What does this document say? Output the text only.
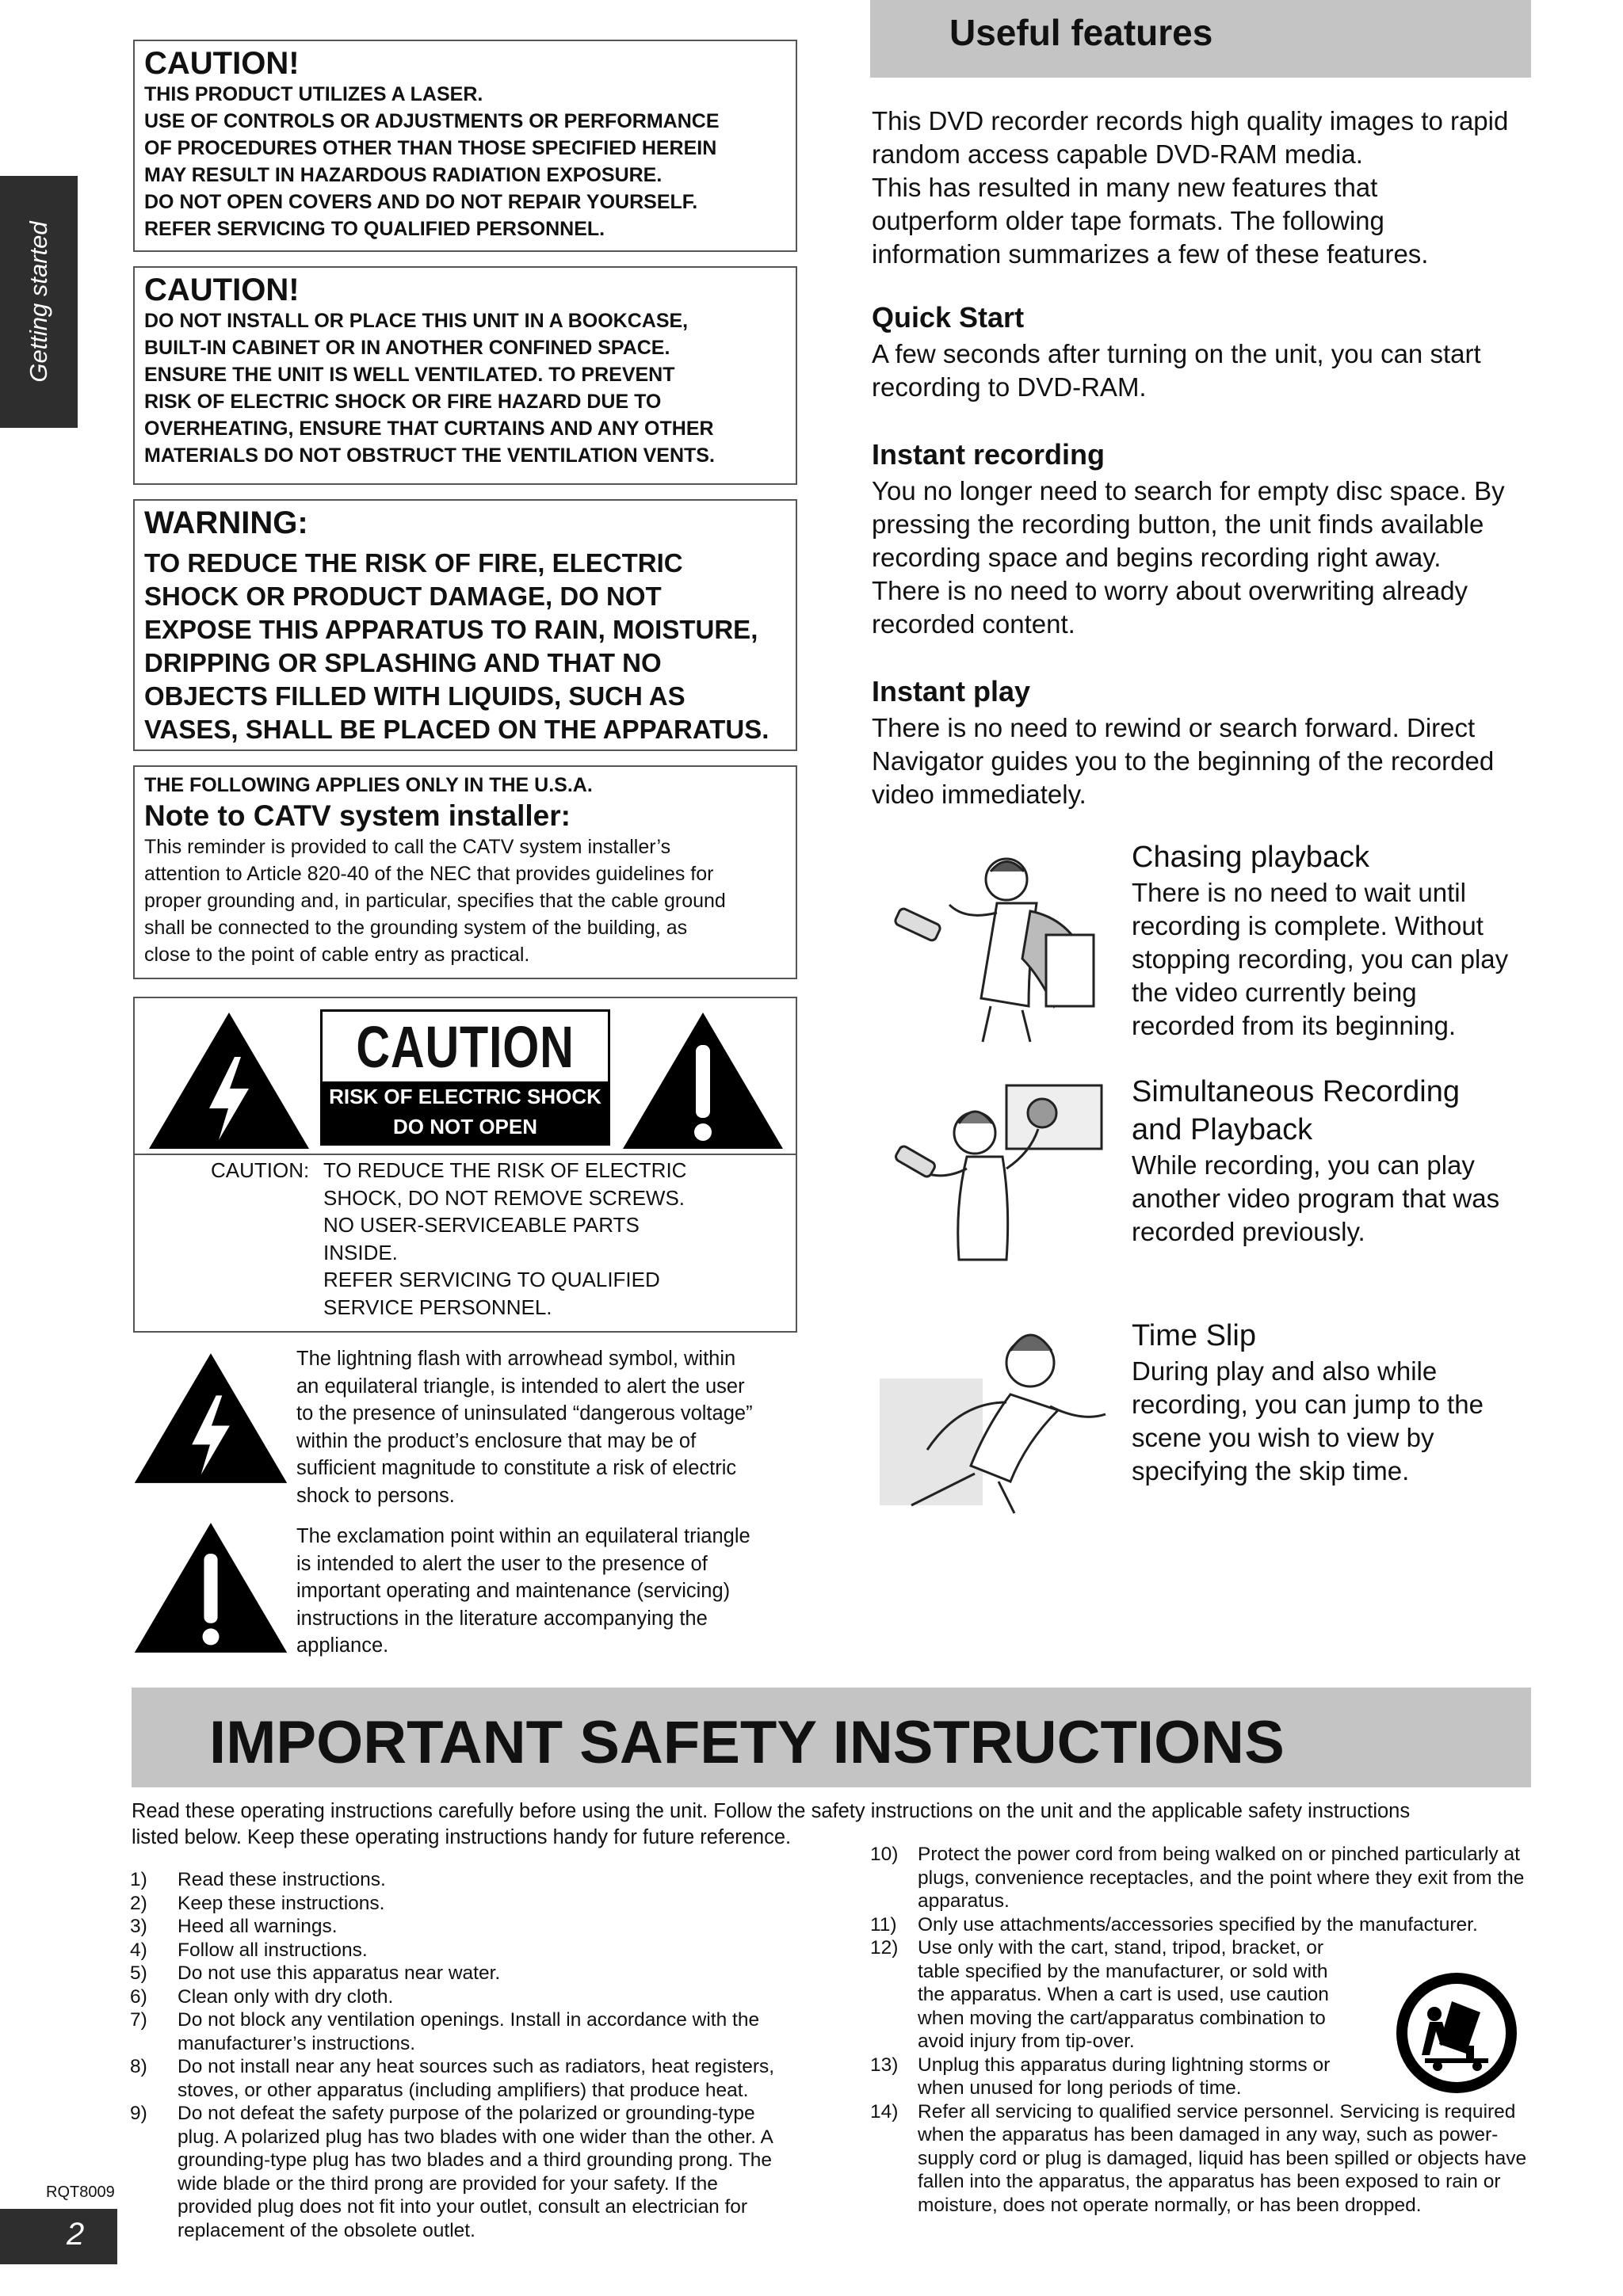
Getting started
CAUTION!

THIS PRODUCT UTILIZES A LASER.

USE OF CONTROLS OR ADJUSTMENTS OR PERFORMANCE

OF PROCEDURES OTHER THAN THOSE SPECIFIED HEREIN

MAY RESULT IN HAZARDOUS RADIATION EXPOSURE.

DO NOT OPEN COVERS AND DO NOT REPAIR YOURSELF.

REFER SERVICING TO QUALIFIED PERSONNEL.

CAUTION!

DO NOT INSTALL OR PLACE THIS UNIT IN A BOOKCASE,

BUILT-IN CABINET OR IN ANOTHER CONFINED SPACE.

ENSURE THE UNIT IS WELL VENTILATED. TO PREVENT

RISK OF ELECTRIC SHOCK OR FIRE HAZARD DUE TO

OVERHEATING, ENSURE THAT CURTAINS AND ANY OTHER

MATERIALS DO NOT OBSTRUCT THE VENTILATION VENTS.

WARNING:

TO REDUCE THE RISK OF FIRE, ELECTRIC

SHOCK OR PRODUCT DAMAGE, DO NOT

EXPOSE THIS APPARATUS TO RAIN, MOISTURE,

DRIPPING OR SPLASHING AND THAT NO

OBJECTS FILLED WITH LIQUIDS, SUCH AS

VASES, SHALL BE PLACED ON THE APPARATUS.

THE FOLLOWING APPLIES ONLY IN THE U.S.A.

Note to CATV system installer:

This reminder is provided to call the CATV system installer’s

attention to Article 820-40 of the NEC that provides guidelines for

proper grounding and, in particular, specifies that the cable ground

shall be connected to the grounding system of the building, as

close to the point of cable entry as practical.

CAUTION
RISK OF ELECTRIC SHOCK
DO NOT OPEN
CAUTION: TO REDUCE THE RISK OF ELECTRIC
SHOCK, DO NOT REMOVE SCREWS.
NO USER-SERVICEABLE PARTS
INSIDE.
REFER SERVICING TO QUALIFIED
SERVICE PERSONNEL.
The lightning flash with arrowhead symbol, within
an equilateral triangle, is intended to alert the user
to the presence of uninsulated “dangerous voltage”
within the product’s enclosure that may be of
sufficient magnitude to constitute a risk of electric
shock to persons.
The exclamation point within an equilateral triangle
is intended to alert the user to the presence of
important operating and maintenance (servicing)
instructions in the literature accompanying the
appliance.
Useful features

This DVD recorder records high quality images to rapid

random access capable DVD-RAM media.

This has resulted in many new features that

outperform older tape formats. The following

information summarizes a few of these features.

Quick Start

A few seconds after turning on the unit, you can start

recording to DVD-RAM.

Instant recording

You no longer need to search for empty disc space. By

pressing the recording button, the unit finds available

recording space and begins recording right away.

There is no need to worry about overwriting already

recorded content.

Instant play

There is no need to rewind or search forward. Direct

Navigator guides you to the beginning of the recorded

video immediately.

Chasing playback

There is no need to wait until

recording is complete. Without

stopping recording, you can play

the video currently being

recorded from its beginning.

Simultaneous Recording

and Playback

While recording, you can play

another video program that was

recorded previously.

Time Slip

During play and also while

recording, you can jump to the

scene you wish to view by

specifying the skip time.

IMPORTANT SAFETY INSTRUCTIONS
Read these operating instructions carefully before using the unit. Follow the safety instructions on the unit and the applicable safety instructions
listed below. Keep these operating instructions handy for future reference.
1) Read these instructions.
2) Keep these instructions.
3) Heed all warnings.
4) Follow all instructions.
5) Do not use this apparatus near water.
6) Clean only with dry cloth.
7) Do not block any ventilation openings. Install in accordance with the manufacturer’s instructions.
8) Do not install near any heat sources such as radiators, heat registers, stoves, or other apparatus (including amplifiers) that produce heat.
9) Do not defeat the safety purpose of the polarized or grounding-type plug. A polarized plug has two blades with one wider than the other. A grounding-type plug has two blades and a third grounding prong. The wide blade or the third prong are provided for your safety. If the provided plug does not fit into your outlet, consult an electrician for replacement of the obsolete outlet.
10) Protect the power cord from being walked on or pinched particularly at plugs, convenience receptacles, and the point where they exit from the apparatus.
11) Only use attachments/accessories specified by the manufacturer.
12) Use only with the cart, stand, tripod, bracket, or table specified by the manufacturer, or sold with the apparatus. When a cart is used, use caution when moving the cart/apparatus combination to avoid injury from tip-over.
13) Unplug this apparatus during lightning storms or when unused for long periods of time.
14) Refer all servicing to qualified service personnel. Servicing is required when the apparatus has been damaged in any way, such as power-supply cord or plug is damaged, liquid has been spilled or objects have fallen into the apparatus, the apparatus has been exposed to rain or moisture, does not operate normally, or has been dropped.
RQT8009
2
